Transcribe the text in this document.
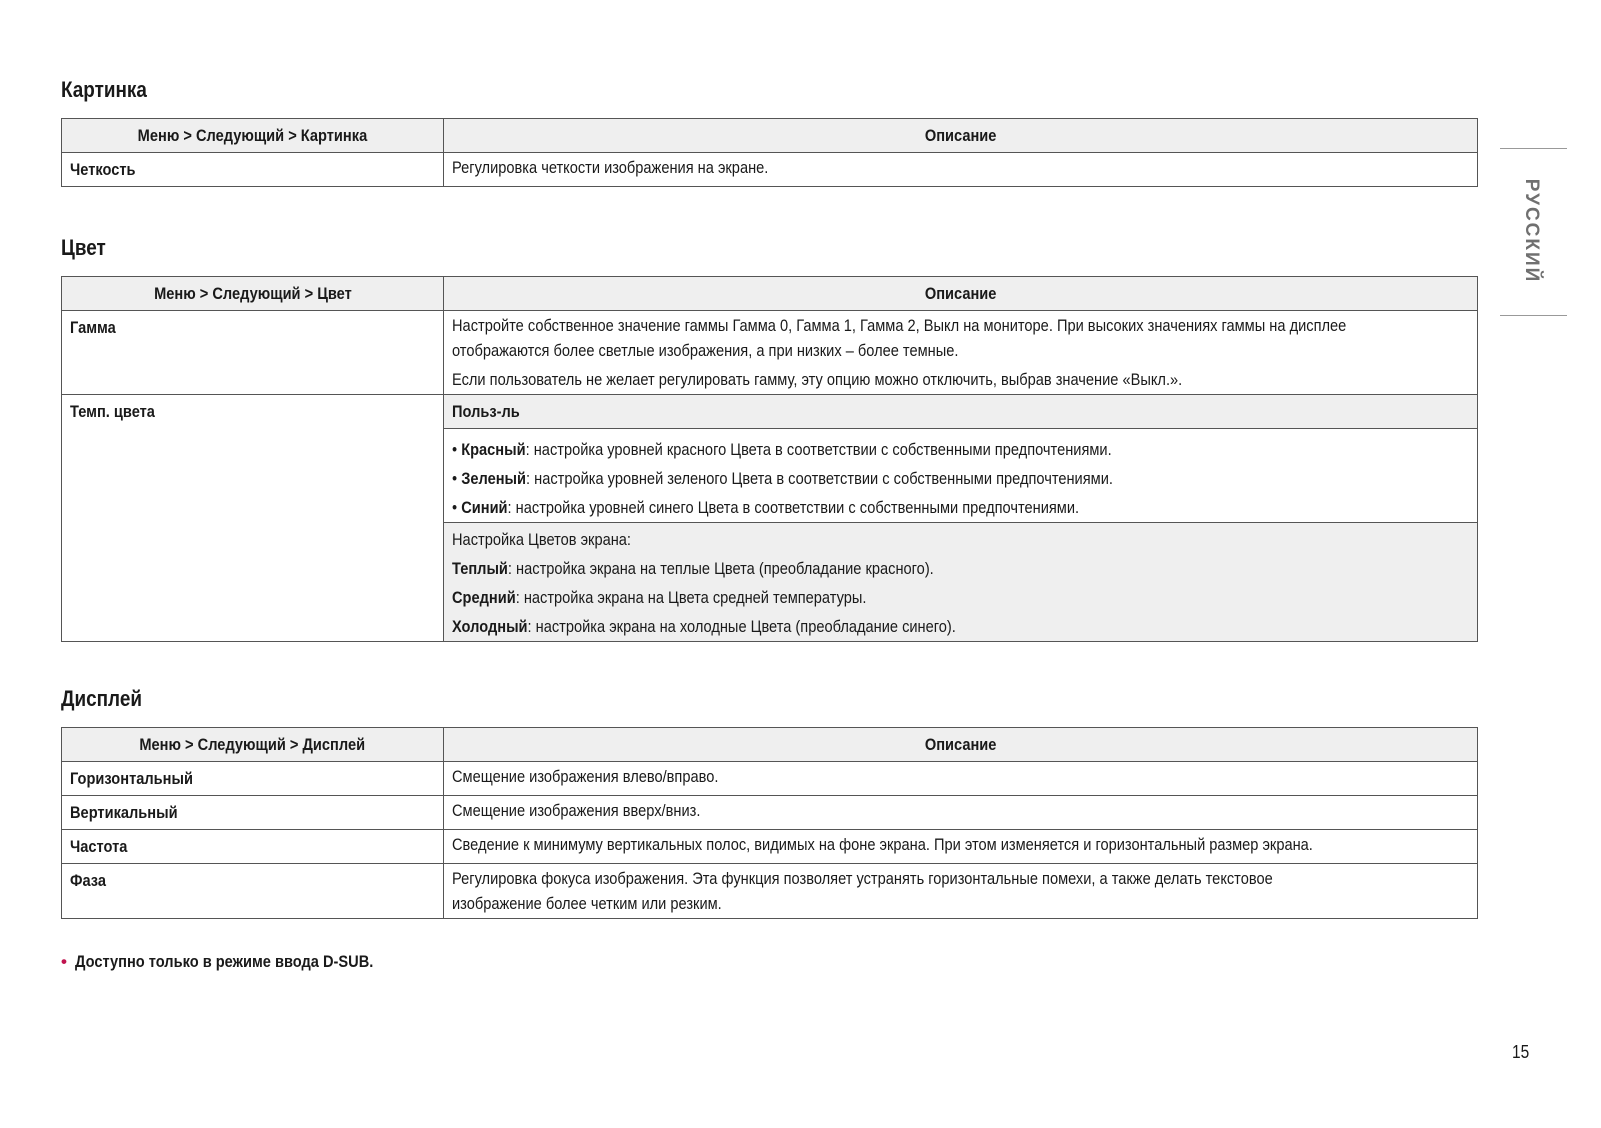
РУССКИЙ
Картинка
Меню > Следующий > Картинка	Описание
Четкость	Регулировка четкости изображения на экране.
Цвет
Меню > Следующий > Цвет	Описание
Гамма	Настройте собственное значение гаммы Гамма 0, Гамма 1, Гамма 2, Выкл на мониторе. При высоких значениях гаммы на дисплее
отображаются более светлые изображения, а при низких – более темные.
Если пользователь не желает регулировать гамму, эту опцию можно отключить, выбрав значение «Выкл.».

Темп. цвета	Польз-ль

	• Красный: настройка уровней красного Цвета в соответствии с собственными предпочтениями.
• Зеленый: настройка уровней зеленого Цвета в соответствии с собственными предпочтениями.
• Синий: настройка уровней синего Цвета в соответствии с собственными предпочтениями.

	Настройка Цветов экрана:
Теплый: настройка экрана на теплые Цвета (преобладание красного).
Средний: настройка экрана на Цвета средней температуры.
Холодный: настройка экрана на холодные Цвета (преобладание синего).
Дисплей
Меню > Следующий > Дисплей	Описание
Горизонтальный	Смещение изображения влево/вправо.
Вертикальный	Смещение изображения вверх/вниз.
Частота	Сведение к минимуму вертикальных полос, видимых на фоне экрана. При этом изменяется и горизонтальный размер экрана.
Фаза	Регулировка фокуса изображения. Эта функция позволяет устранять горизонтальные помехи, а также делать текстовое
изображение более четким или резким.
• Доступно только в режиме ввода D-SUB.
15
